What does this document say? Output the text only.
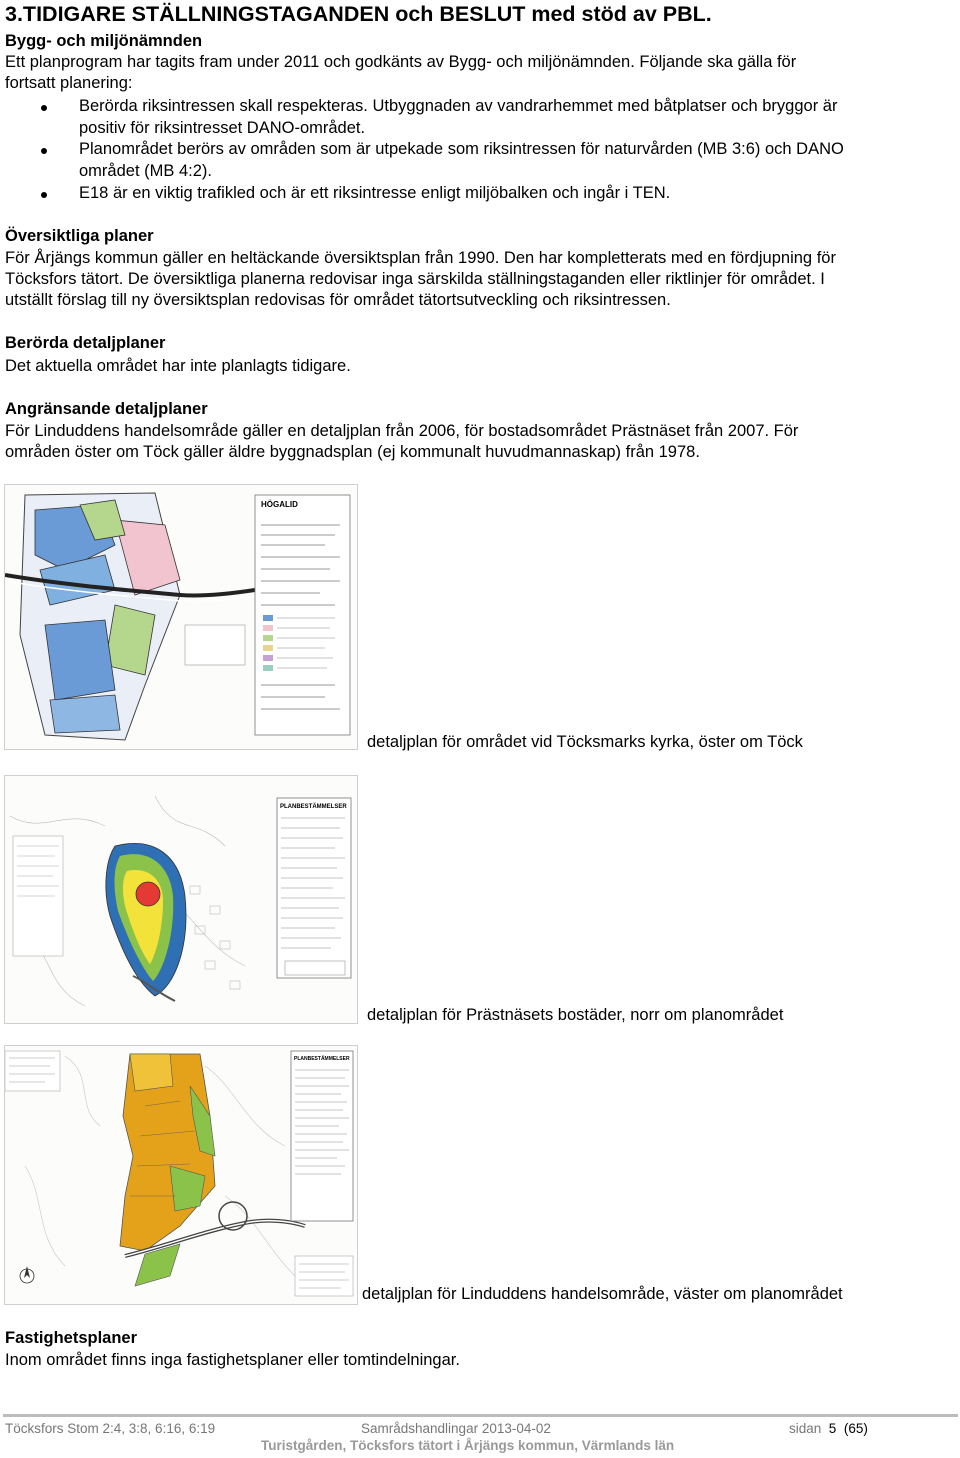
3.TIDIGARE STÄLLNINGSTAGANDEN och BESLUT med stöd av PBL.
Bygg- och miljönämnden
Ett planprogram har tagits fram under 2011 och godkänts av Bygg- och miljönämnden. Följande ska gälla för
fortsatt planering:
Berörda riksintressen skall respekteras. Utbyggnaden av vandrarhemmet med båtplatser och bryggor är
positiv för riksintresset DANO-området.
Planområdet berörs av områden som är utpekade som riksintressen för naturvården (MB 3:6) och DANO
området (MB 4:2).
E18 är en viktig trafikled och är ett riksintresse enligt miljöbalken och ingår i TEN.
Översiktliga planer
För Årjängs kommun gäller en heltäckande översiktsplan från 1990. Den har kompletterats med en fördjupning för
Töcksfors tätort. De översiktliga planerna redovisar inga särskilda ställningstaganden eller riktlinjer för området. I
utställt förslag till ny översiktsplan redovisas för området tätortsutveckling och riksintressen.
Berörda detaljplaner
Det aktuella området har inte planlagts tidigare.
Angränsande detaljplaner
För Linduddens handelsområde gäller en detaljplan från 2006, för bostadsområdet Prästnäset från 2007. För
områden öster om Töck gäller äldre byggnadsplan (ej kommunalt huvudmannaskap) från 1978.
HÖGALID
detaljplan för området vid Töcksmarks kyrka, öster om Töck
PLANBESTÄMMELSER
detaljplan för Prästnäsets bostäder, norr om planområdet
PLANBESTÄMMELSER
detaljplan för Linduddens handelsområde, väster om planområdet
Fastighetsplaner
Inom området finns inga fastighetsplaner eller tomtindelningar.
Töcksfors Stom 2:4, 3:8, 6:16, 6:19	Samrådshandlingar 2013-04-02	sidan 5 (65)
Turistgården, Töcksfors tätort i Årjängs kommun, Värmlands län
